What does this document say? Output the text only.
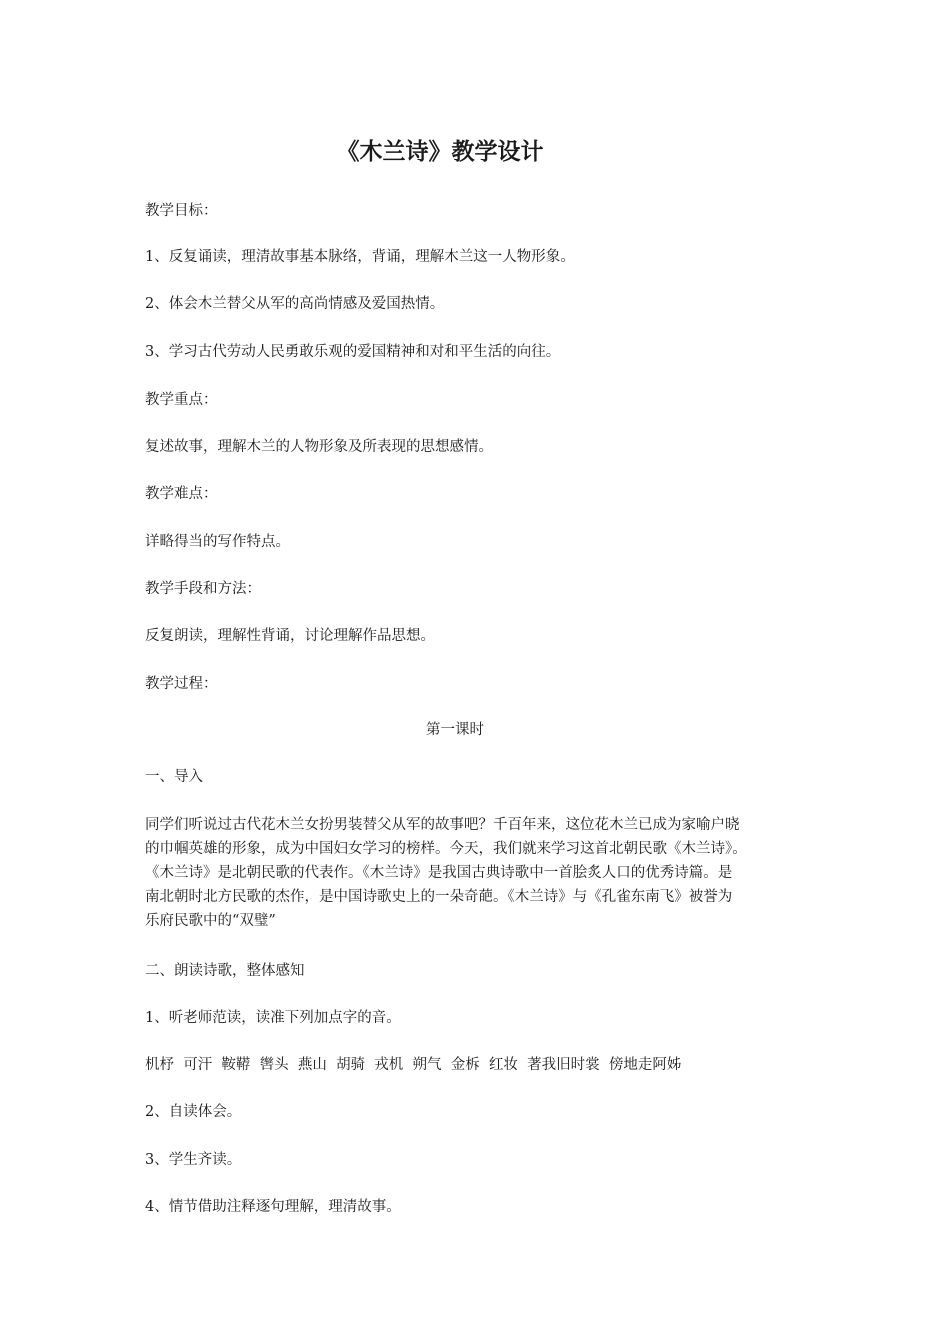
《木兰诗》教学设计

教学目标：

1、反复诵读，理清故事基本脉络，背诵，理解木兰这一人物形象。

2、体会木兰替父从军的高尚情感及爱国热情。

3、学习古代劳动人民勇敢乐观的爱国精神和对和平生活的向往。

教学重点：

复述故事，理解木兰的人物形象及所表现的思想感情。

教学难点：

详略得当的写作特点。

教学手段和方法：

反复朗读，理解性背诵，讨论理解作品思想。

教学过程：

第一课时

一、导入

同学们听说过古代花木兰女扮男装替父从军的故事吧？千百年来，这位花木兰已成为家喻户晓
的巾帼英雄的形象，成为中国妇女学习的榜样。今天，我们就来学习这首北朝民歌《木兰诗》。
《木兰诗》是北朝民歌的代表作。《木兰诗》是我国古典诗歌中一首脍炙人口的优秀诗篇。是
南北朝时北方民歌的杰作，是中国诗歌史上的一朵奇葩。《木兰诗》与《孔雀东南飞》被誉为
乐府民歌中的“双璧”

二、朗读诗歌，整体感知

1、听老师范读，读准下列加点字的音。

机杼  可汗  鞍鞯  辔头  燕山  胡骑  戎机  朔气  金柝  红妆  著我旧时裳  傍地走阿姊

2、自读体会。

3、学生齐读。

4、情节借助注释逐句理解，理清故事。
